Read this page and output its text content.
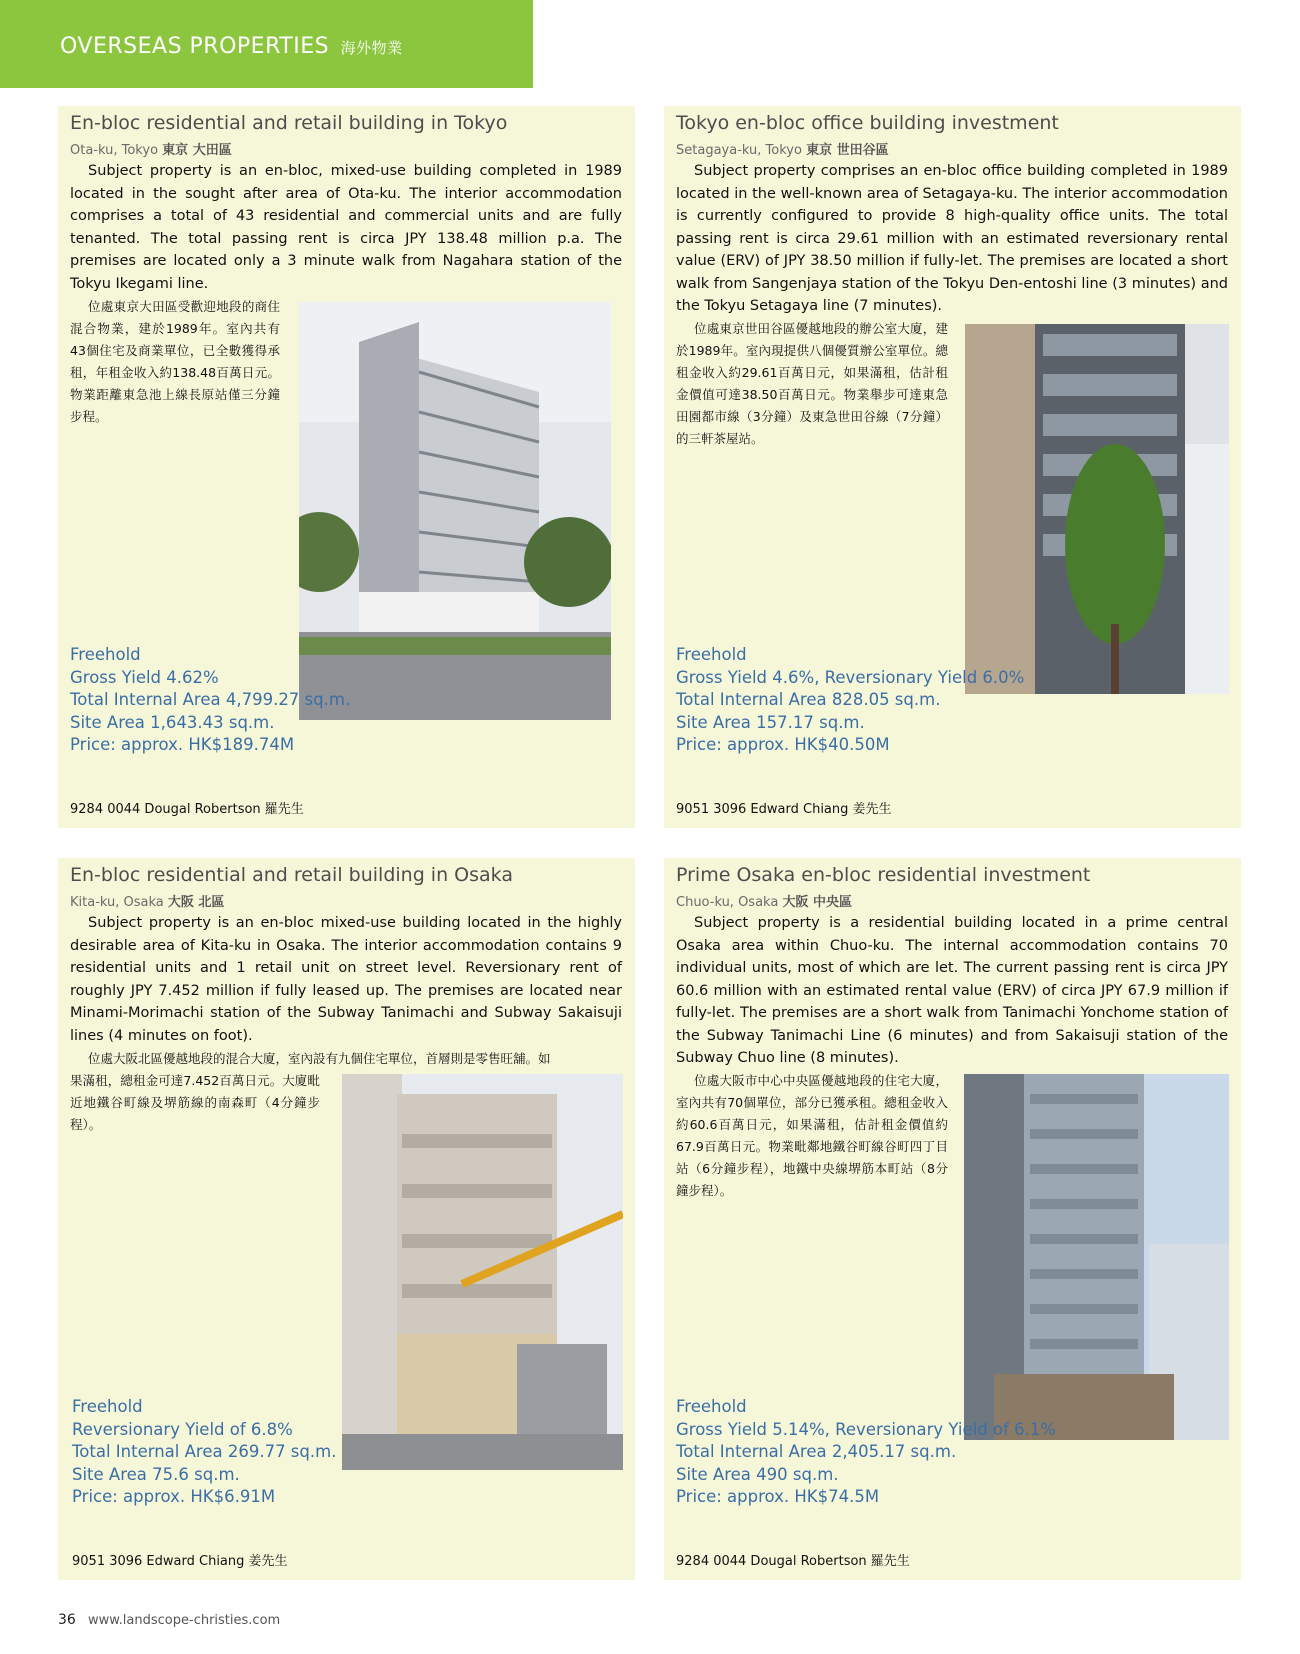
OVERSEAS PROPERTIES 海外物業
En-bloc residential and retail building in Tokyo
Ota-ku, Tokyo 東京 大田區
Subject property is an en-bloc, mixed-use building completed in 1989 located in the sought after area of Ota-ku. The interior accommodation comprises a total of 43 residential and commercial units and are fully tenanted. The total passing rent is circa JPY 138.48 million p.a. The premises are located only a 3 minute walk from Nagahara station of the Tokyu Ikegami line.
位處東京大田區受歡迎地段的商住混合物業，建於1989年。室內共有43個住宅及商業單位，已全數獲得承租，年租金收入約138.48百萬日元。物業距離東急池上線長原站僅三分鐘步程。
Freehold
Gross Yield 4.62%
Total Internal Area 4,799.27 sq.m.
Site Area 1,643.43 sq.m.
Price: approx. HK$189.74M
9284 0044 Dougal Robertson 羅先生
Tokyo en-bloc office building investment
Setagaya-ku, Tokyo 東京 世田谷區
Subject property comprises an en-bloc office building completed in 1989 located in the well-known area of Setagaya-ku. The interior accommodation is currently configured to provide 8 high-quality office units. The total passing rent is circa 29.61 million with an estimated reversionary rental value (ERV) of JPY 38.50 million if fully-let. The premises are located a short walk from Sangenjaya station of the Tokyu Den-entoshi line (3 minutes) and the Tokyu Setagaya line (7 minutes).
位處東京世田谷區優越地段的辦公室大廈，建於1989年。室內現提供八個優質辦公室單位。總租金收入約29.61百萬日元，如果滿租，估計租金價值可達38.50百萬日元。物業舉步可達東急田園都市線（3分鐘）及東急世田谷線（7分鐘）的三軒茶屋站。
Freehold
Gross Yield 4.6%, Reversionary Yield 6.0%
Total Internal Area 828.05 sq.m.
Site Area 157.17 sq.m.
Price: approx. HK$40.50M
9051 3096 Edward Chiang 姜先生
En-bloc residential and retail building in Osaka
Kita-ku, Osaka 大阪 北區
Subject property is an en-bloc mixed-use building located in the highly desirable area of Kita-ku in Osaka. The interior accommodation contains 9 residential units and 1 retail unit on street level. Reversionary rent of roughly JPY 7.452 million if fully leased up. The premises are located near Minami-Morimachi station of the Subway Tanimachi and Subway Sakaisuji lines (4 minutes on foot).
位處大阪北區優越地段的混合大廈，室內設有九個住宅單位，首層則是零售旺舖。如
果滿租，總租金可達7.452百萬日元。大廈毗近地鐵谷町線及堺筋線的南森町（4分鐘步程）。
Freehold
Reversionary Yield of 6.8%
Total Internal Area 269.77 sq.m.
Site Area 75.6 sq.m.
Price: approx. HK$6.91M
9051 3096 Edward Chiang 姜先生
Prime Osaka en-bloc residential investment
Chuo-ku, Osaka 大阪 中央區
Subject property is a residential building located in a prime central Osaka area within Chuo-ku. The internal accommodation contains 70 individual units, most of which are let. The current passing rent is circa JPY 60.6 million with an estimated rental value (ERV) of circa JPY 67.9 million if fully-let. The premises are a short walk from Tanimachi Yonchome station of the Subway Tanimachi Line (6 minutes) and from Sakaisuji station of the Subway Chuo line (8 minutes).
位處大阪市中心中央區優越地段的住宅大廈，室內共有70個單位，部分已獲承租。總租金收入約60.6百萬日元，如果滿租，估計租金價值約67.9百萬日元。物業毗鄰地鐵谷町線谷町四丁目站（6分鐘步程），地鐵中央線堺筋本町站（8分鐘步程）。
Freehold
Gross Yield 5.14%, Reversionary Yield of 6.1%
Total Internal Area 2,405.17 sq.m.
Site Area 490 sq.m.
Price: approx. HK$74.5M
9284 0044 Dougal Robertson 羅先生
36 www.landscope-christies.com
